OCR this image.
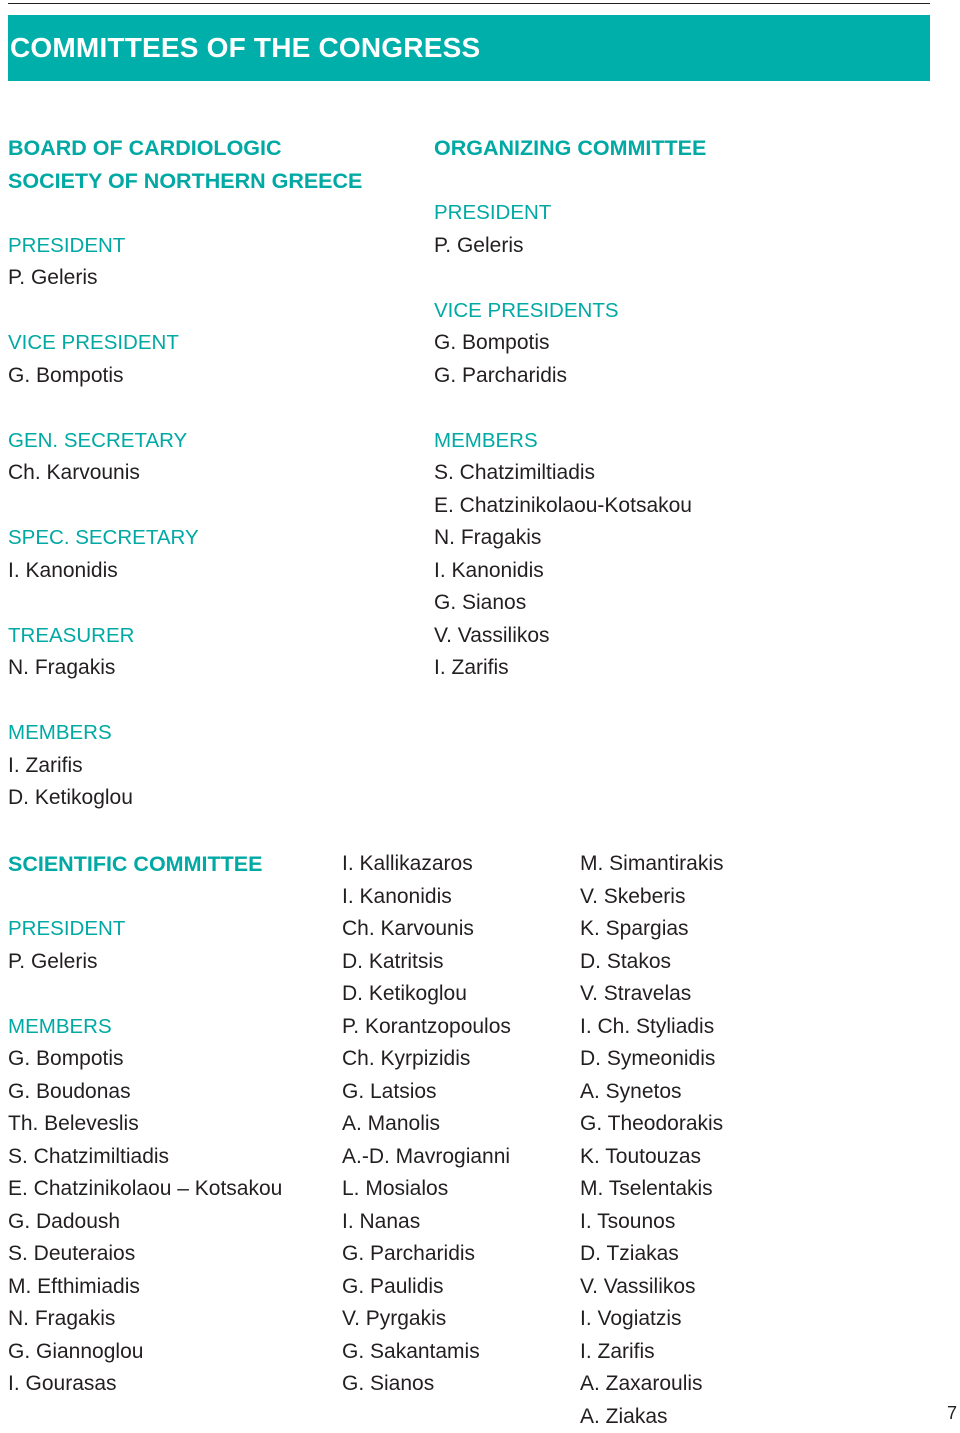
COMMITTEES OF THE CONGRESS
BOARD OF CARDIOLOGIC
SOCIETY OF NORTHERN GREECE
PRESIDENT
P. Geleris
VICE PRESIDENT
G. Bompotis
GEN. SECRETARY
Ch. Karvounis
SPEC. SECRETARY
I. Kanonidis
TREASURER
N. Fragakis
MEMBERS
I. Zarifis
D. Ketikoglou
ORGANIZING COMMITTEE
PRESIDENT
P. Geleris
VICE PRESIDENTS
G. Bompotis
G. Parcharidis
MEMBERS
S. Chatzimiltiadis
E. Chatzinikolaou-Kotsakou
N. Fragakis
I. Kanonidis
G. Sianos
V. Vassilikos
I. Zarifis
SCIENTIFIC COMMITTEE
PRESIDENT
P. Geleris
MEMBERS
G. Bompotis
G. Boudonas
Th. Beleveslis
S. Chatzimiltiadis
E. Chatzinikolaou – Kotsakou
G. Dadoush
S. Deuteraios
M. Efthimiadis
N. Fragakis
G. Giannoglou
I. Gourasas
I. Kallikazaros
I. Kanonidis
Ch. Karvounis
D. Katritsis
D. Ketikoglou
P. Korantzopoulos
Ch. Kyrpizidis
G. Latsios
A. Manolis
A.-D. Mavrogianni
L. Mosialos
I. Nanas
G. Parcharidis
G. Paulidis
V. Pyrgakis
G. Sakantamis
G. Sianos
M. Simantirakis
V. Skeberis
K. Spargias
D. Stakos
V. Stravelas
I. Ch. Styliadis
D. Symeonidis
A. Synetos
G. Theodorakis
K. Toutouzas
M. Tselentakis
I. Tsounos
D. Tziakas
V. Vassilikos
I. Vogiatzis
I. Zarifis
A. Zaxaroulis
A. Ziakas	7
